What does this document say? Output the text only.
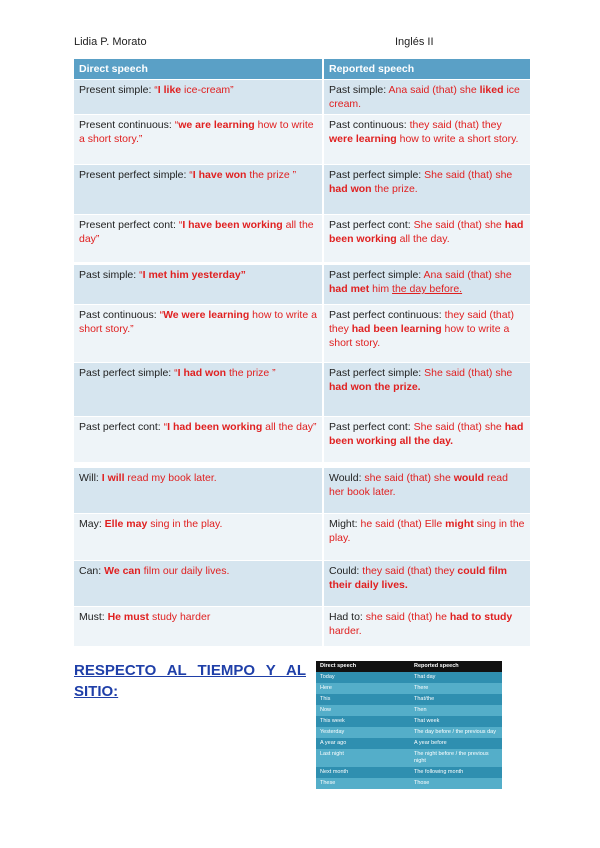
Lidia P. Morato	Inglés II
Direct speech	Reported speech
Present simple: “I like ice-cream”	Past simple: Ana said (that) she liked ice cream.
Present continuous: “we are learning how to write a short story.”	Past continuous: they said (that) they were learning how to write a short story.
Present perfect simple: “I have won the prize ”	Past perfect simple: She said (that) she had won the prize.
Present perfect cont: “I have been working all the day”	Past perfect cont: She said (that) she had been working all the day.
Past simple: “I met him yesterday”	Past perfect simple: Ana said (that) she had met him the day before.
Past continuous: “We were learning how to write a short story.”	Past perfect continuous: they said (that) they had been learning how to write a short story.
Past perfect simple: “I had won the prize ”	Past perfect simple: She said (that) she had won the prize.
Past perfect cont: “I had been working all the day”	Past perfect cont: She said (that) she had been working all the day.
Will: I will read my book later.	Would: she said (that) she would read her book later.
May: Elle may sing in the play.	Might: he said (that) Elle might sing in the play.
Can: We can film our daily lives.	Could: they said (that) they could film their daily lives.
Must: He must study harder	Had to: she said (that) he had to study harder.
RESPECTO AL TIEMPO Y AL SITIO:
Direct speech	Reported speech
Today	That day
Here	There
This	That/the
Now	Then
This week	That week
Yesterday	The day before / the previous day
A year ago	A year before
Last night	The night before / the previous night
Next month	The following month
These	Those
